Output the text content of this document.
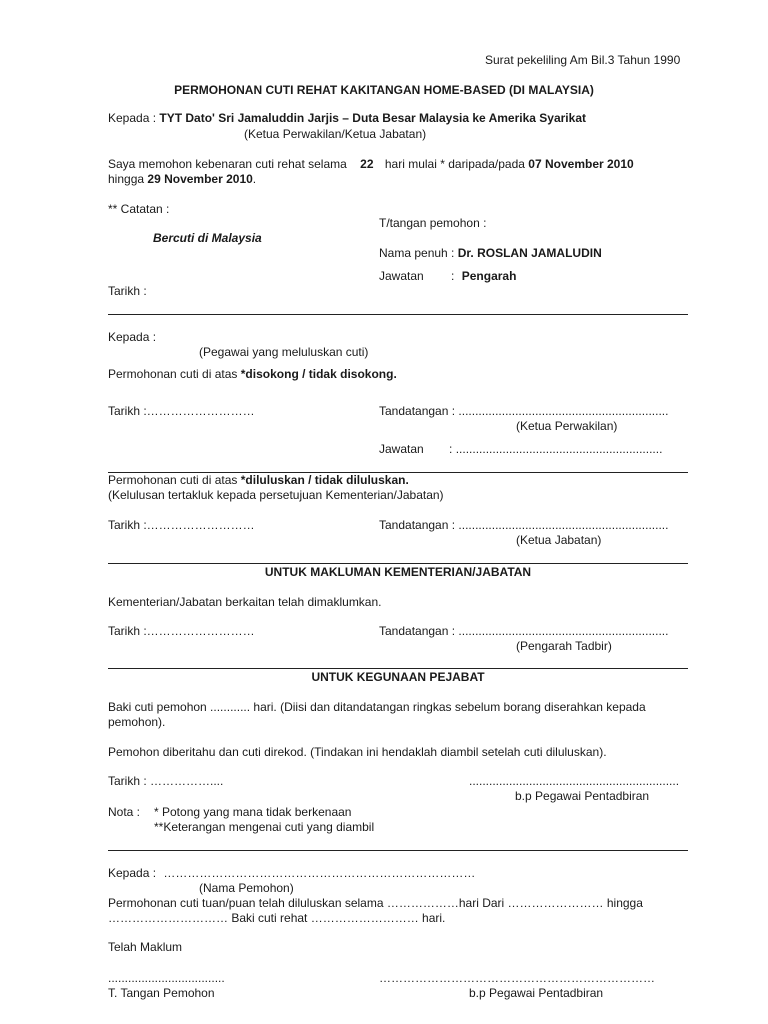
Surat pekeliling Am Bil.3 Tahun 1990
PERMOHONAN CUTI REHAT KAKITANGAN HOME-BASED (DI MALAYSIA)
Kepada : TYT Dato' Sri Jamaluddin Jarjis – Duta Besar Malaysia ke Amerika Syarikat
(Ketua Perwakilan/Ketua Jabatan)
Saya memohon kebenaran cuti rehat selama 22 hari mulai * daripada/pada 07 November 2010
hingga 29 November 2010.
** Catatan :
T/tangan pemohon :
Bercuti di Malaysia
Nama penuh : Dr. ROSLAN JAMALUDIN
Jawatan : Pengarah
Tarikh :
Kepada :
(Pegawai yang meluluskan cuti)
Permohonan cuti di atas *disokong / tidak disokong.
Tarikh :………………………	Tandatangan : ...............................................................
(Ketua Perwakilan)
Jawatan : ..............................................................
Permohonan cuti di atas *diluluskan / tidak diluluskan.
(Kelulusan tertakluk kepada persetujuan Kementerian/Jabatan)
Tarikh :………………………	Tandatangan : ...............................................................
(Ketua Jabatan)
UNTUK MAKLUMAN KEMENTERIAN/JABATAN
Kementerian/Jabatan berkaitan telah dimaklumkan.
Tarikh :………………………	Tandatangan : ...............................................................
(Pengarah Tadbir)
UNTUK KEGUNAAN PEJABAT
Baki cuti pemohon ............ hari. (Diisi dan ditandatangan ringkas sebelum borang diserahkan kepada
pemohon).
Pemohon diberitahu dan cuti direkod. (Tindakan ini hendaklah diambil setelah cuti diluluskan).
Tarikh : ……………....	...............................................................
b.p Pegawai Pentadbiran
Nota : * Potong yang mana tidak berkenaan
**Keterangan mengenai cuti yang diambil
Kepada : ……………………………………………………………………
(Nama Pemohon)
Permohonan cuti tuan/puan telah diluluskan selama ………………hari Dari …………………… hingga
………………………… Baki cuti rehat ……………………… hari.
Telah Maklum
...................................	……………………………………………………………
T. Tangan Pemohon	b.p Pegawai Pentadbiran
